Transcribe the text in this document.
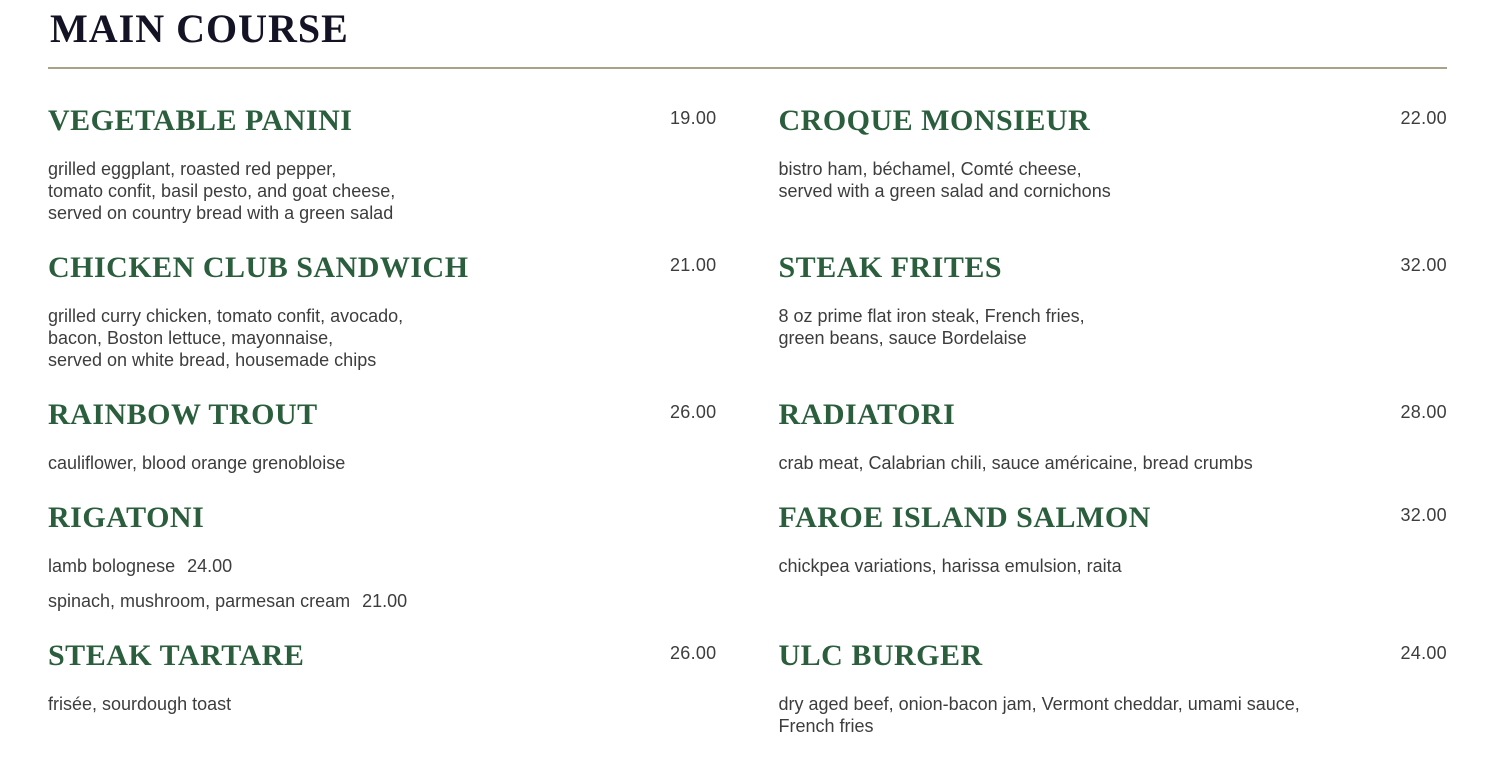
MAIN COURSE
VEGETABLE PANINI	19.00

grilled eggplant, roasted red pepper,
tomato confit, basil pesto, and goat cheese,
served on country bread with a green salad

CROQUE MONSIEUR	22.00

bistro ham, béchamel, Comté cheese,
served with a green salad and cornichons

CHICKEN CLUB SANDWICH	21.00

grilled curry chicken, tomato confit, avocado,
bacon, Boston lettuce, mayonnaise,
served on white bread, housemade chips

STEAK FRITES	32.00

8 oz prime flat iron steak, French fries,
green beans, sauce Bordelaise

RAINBOW TROUT	26.00

cauliflower, blood orange grenobloise

RADIATORI	28.00

crab meat, Calabrian chili, sauce américaine, bread crumbs

RIGATONI

lamb bolognese 24.00

spinach, mushroom, parmesan cream 21.00

FAROE ISLAND SALMON	32.00

chickpea variations, harissa emulsion, raita

STEAK TARTARE	26.00

frisée, sourdough toast

ULC BURGER	24.00

dry aged beef, onion-bacon jam, Vermont cheddar, umami sauce,
French fries
